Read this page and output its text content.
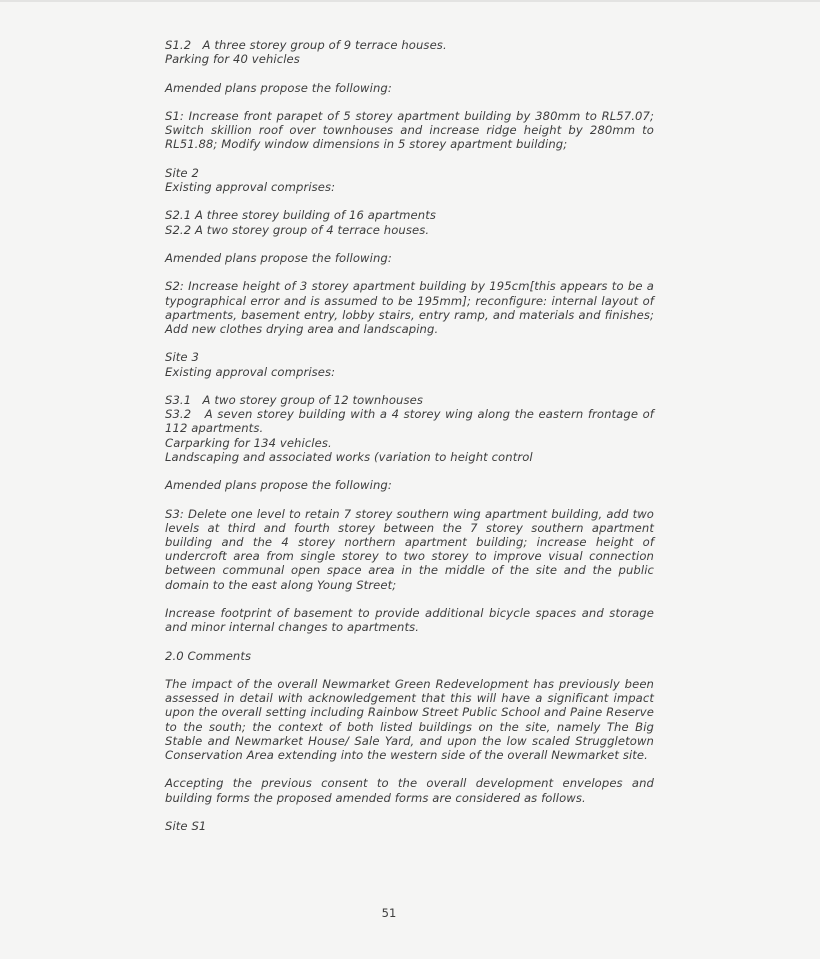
S1.2   A three storey group of 9 terrace houses.
Parking for 40 vehicles
Amended plans propose the following:
S1: Increase front parapet of 5 storey apartment building by 380mm to RL57.07; Switch skillion roof over townhouses and increase ridge height by 280mm to RL51.88; Modify window dimensions in 5 storey apartment building;
Site 2
Existing approval comprises:
S2.1 A three storey building of 16 apartments
S2.2 A two storey group of 4 terrace houses.
Amended plans propose the following:
S2: Increase height of 3 storey apartment building by 195cm[this appears to be a typographical error and is assumed to be 195mm]; reconfigure: internal layout of apartments, basement entry, lobby stairs, entry ramp, and materials and finishes; Add new clothes drying area and landscaping.
Site 3
Existing approval comprises:
S3.1   A two storey group of 12 townhouses
S3.2   A seven storey building with a 4 storey wing along the eastern frontage of 112 apartments.
Carparking for 134 vehicles.
Landscaping and associated works (variation to height control
Amended plans propose the following:
S3: Delete one level to retain 7 storey southern wing apartment building, add two levels at third and fourth storey between the 7 storey southern apartment building and the 4 storey northern apartment building; increase height of undercroft area from single storey to two storey to improve visual connection between communal open space area in the middle of the site and the public domain to the east along Young Street;
Increase footprint of basement to provide additional bicycle spaces and storage and minor internal changes to apartments.
2.0 Comments
The impact of the overall Newmarket Green Redevelopment has previously been assessed in detail with acknowledgement that this will have a significant impact upon the overall setting including Rainbow Street Public School and Paine Reserve to the south; the context of both listed buildings on the site, namely The Big Stable and Newmarket House/ Sale Yard, and upon the low scaled Struggletown Conservation Area extending into the western side of the overall Newmarket site.
Accepting the previous consent to the overall development envelopes and building forms the proposed amended forms are considered as follows.
Site S1
51
